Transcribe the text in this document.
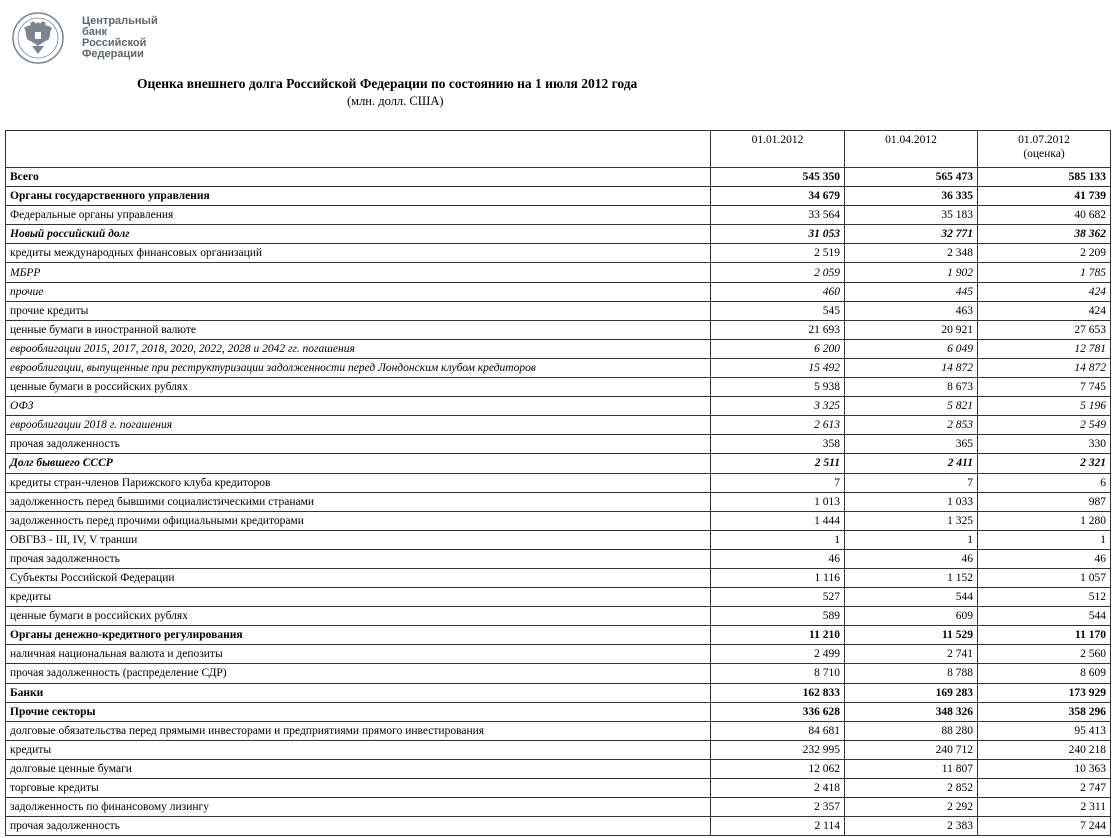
Центральный
банк
Российской
Федерации
Оценка внешнего долга Российской Федерации по состоянию на 1 июля 2012 года
(млн. долл. США)
	01.01.2012	01.04.2012	01.07.2012
(оценка)

Всего	545 350	565 473	585 133
Органы государственного управления	34 679	36 335	41 739
Федеральные органы управления	33 564	35 183	40 682
Новый российский долг	31 053	32 771	38 362
кредиты международных финансовых организаций	2 519	2 348	2 209
МБРР	2 059	1 902	1 785
прочие	460	445	424
прочие кредиты	545	463	424
ценные бумаги в иностранной валюте	21 693	20 921	27 653
еврооблигации 2015, 2017, 2018, 2020, 2022, 2028 и 2042 гг. погашения	6 200	6 049	12 781
еврооблигации, выпущенные при реструктуризации задолженности перед Лондонским клубом кредиторов	15 492	14 872	14 872
ценные бумаги в российских рублях	5 938	8 673	7 745
ОФЗ	3 325	5 821	5 196
еврооблигации 2018 г. погашения	2 613	2 853	2 549
прочая задолженность	358	365	330
Долг бывшего СССР	2 511	2 411	2 321
кредиты стран-членов Парижского клуба кредиторов	7	7	6
задолженность перед бывшими социалистическими странами	1 013	1 033	987
задолженность перед прочими официальными кредиторами	1 444	1 325	1 280
ОВГВЗ - III, IV, V транши	1	1	1
прочая задолженность	46	46	46
Субъекты Российской Федерации	1 116	1 152	1 057
кредиты	527	544	512
ценные бумаги в российских рублях	589	609	544
Органы денежно-кредитного регулирования	11 210	11 529	11 170
наличная национальная валюта и депозиты	2 499	2 741	2 560
прочая задолженность (распределение СДР)	8 710	8 788	8 609
Банки	162 833	169 283	173 929
Прочие секторы	336 628	348 326	358 296
долговые обязательства перед прямыми инвесторами и предприятиями прямого инвестирования	84 681	88 280	95 413
кредиты	232 995	240 712	240 218
долговые ценные бумаги	12 062	11 807	10 363
торговые кредиты	2 418	2 852	2 747
задолженность по финансовому лизингу	2 357	2 292	2 311
прочая задолженность	2 114	2 383	7 244
